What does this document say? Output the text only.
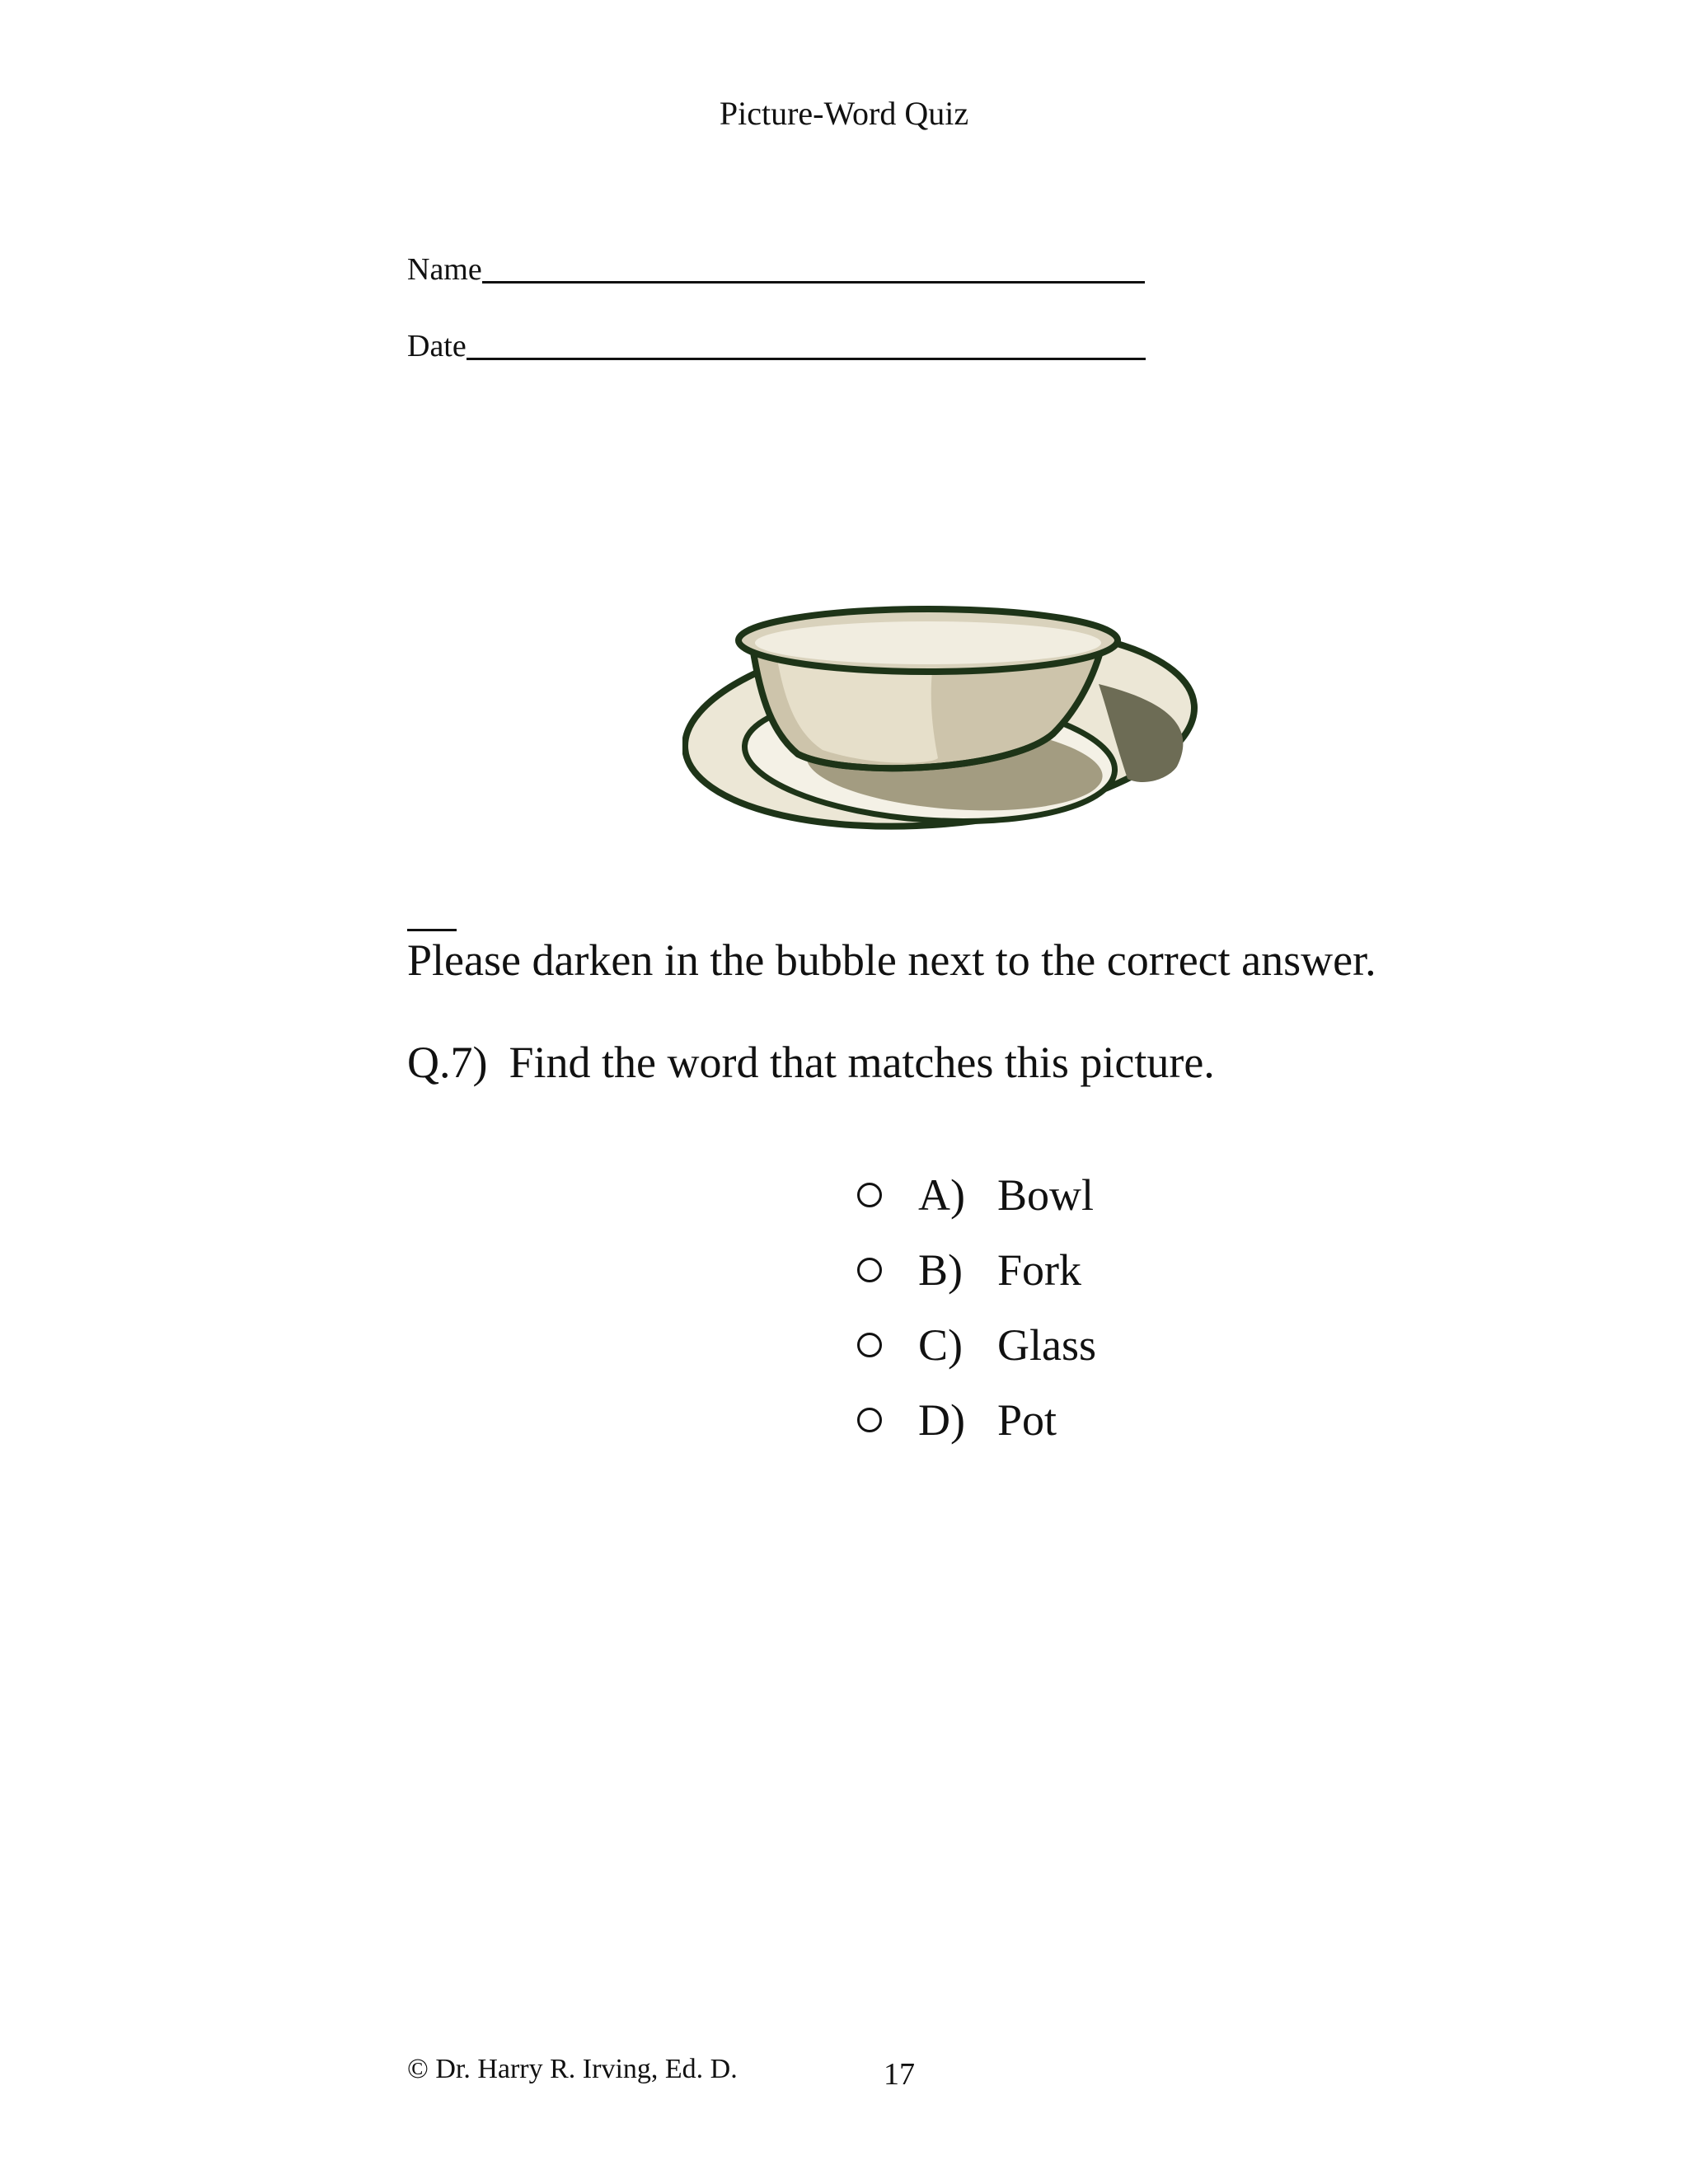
Picture-Word Quiz
Name
Date
Please darken in the bubble next to the correct answer.
Q.7) Find the word that matches this picture.
A) Bowl
B) Fork
C) Glass
D) Pot
© Dr. Harry R. Irving, Ed. D.	17
